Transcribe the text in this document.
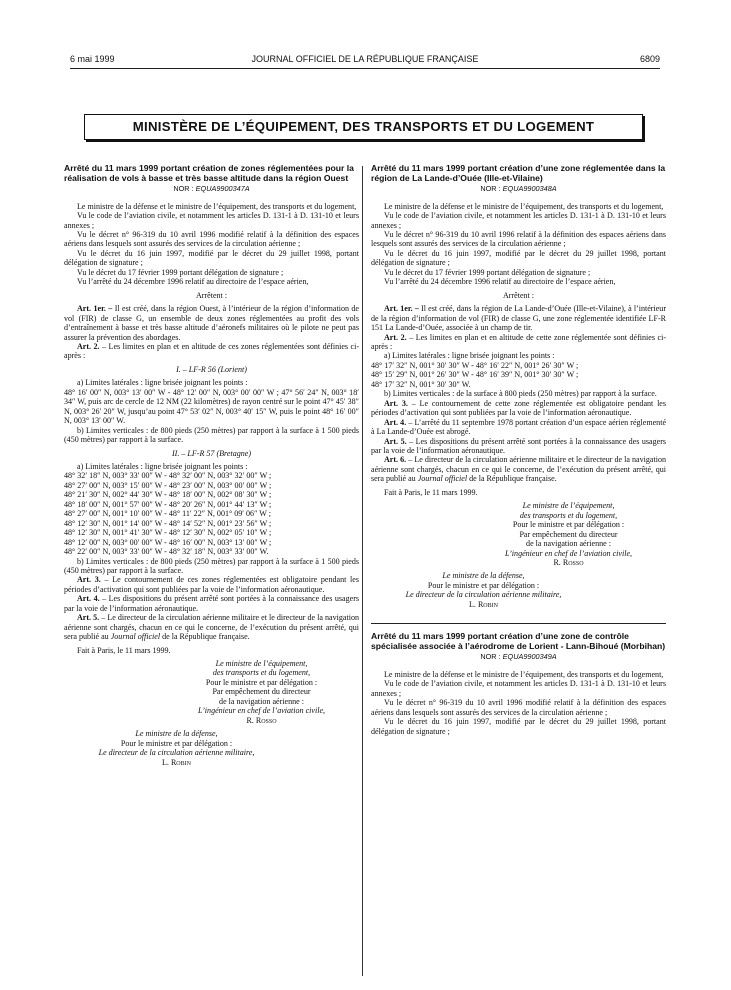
6 mai 1999	JOURNAL OFFICIEL DE LA RÉPUBLIQUE FRANÇAISE	6809
MINISTÈRE DE L’ÉQUIPEMENT, DES TRANSPORTS ET DU LOGEMENT
Arrêté du 11 mars 1999 portant création de zones réglementées pour la réalisation de vols à basse et très basse altitude dans la région Ouest
NOR : EQUA9900347A

Le ministre de la défense et le ministre de l’équipement, des transports et du logement,

Vu le code de l’aviation civile, et notamment les articles D. 131-1 à D. 131-10 et leurs annexes ;

Vu le décret n° 96-319 du 10 avril 1996 modifié relatif à la définition des espaces aériens dans lesquels sont assurés des services de la circulation aérienne ;

Vu le décret du 16 juin 1997, modifié par le décret du 29 juillet 1998, portant délégation de signature ;

Vu le décret du 17 février 1999 portant délégation de signature ;

Vu l’arrêté du 24 décembre 1996 relatif au directoire de l’espace aérien,

Arrêtent :

Art. 1er. – Il est créé, dans la région Ouest, à l’intérieur de la région d’information de vol (FIR) de classe G, un ensemble de deux zones réglementées au profit des vols d’entraînement à basse et très basse altitude d’aéronefs militaires où le pilote ne peut pas assurer la prévention des abordages.

Art. 2. – Les limites en plan et en altitude de ces zones réglementées sont définies ci-après :

I. – LF-R 56 (Lorient)

a) Limites latérales : ligne brisée joignant les points :

48° 16′ 00″ N, 003° 13′ 00″ W - 48° 12′ 00″ N, 003° 00′ 00″ W ; 47° 56′ 24″ N, 003° 18′ 34″ W, puis arc de cercle de 12 NM (22 kilomètres) de rayon centré sur le point 47° 45′ 38″ N, 003° 26′ 20″ W, jusqu’au point 47° 53′ 02″ N, 003° 40′ 15″ W, puis le point 48° 16′ 00″ N, 003° 13′ 00″ W.

b) Limites verticales : de 800 pieds (250 mètres) par rapport à la surface à 1 500 pieds (450 mètres) par rapport à la surface.

II. – LF-R 57 (Bretagne)

a) Limites latérales : ligne brisée joignant les points :

48° 32′ 18″ N, 003° 33′ 00″ W - 48° 32′ 00″ N, 003° 32′ 00″ W ;

48° 27′ 00″ N, 003° 15′ 00″ W - 48° 23′ 00″ N, 003° 00′ 00″ W ;

48° 21′ 30″ N, 002° 44′ 30″ W - 48° 18′ 00″ N, 002° 08′ 30″ W ;

48° 18′ 00″ N, 001° 57′ 00″ W - 48° 20′ 26″ N, 001° 44′ 13″ W ;

48° 27′ 00″ N, 001° 10′ 00″ W - 48° 11′ 22″ N, 001° 09′ 06″ W ;

48° 12′ 30″ N, 001° 14′ 00″ W - 48° 14′ 52″ N, 001° 23′ 56″ W ;

48° 12′ 30″ N, 001° 41′ 30″ W - 48° 12′ 30″ N, 002° 05′ 10″ W ;

48° 12′ 00″ N, 003° 00′ 00″ W - 48° 16′ 00″ N, 003° 13′ 00″ W ;

48° 22′ 00″ N, 003° 33′ 00″ W - 48° 32′ 18″ N, 003° 33′ 00″ W.

b) Limites verticales : de 800 pieds (250 mètres) par rapport à la surface à 1 500 pieds (450 mètres) par rapport à la surface.

Art. 3. – Le contournement de ces zones réglementées est obligatoire pendant les périodes d’activation qui sont publiées par la voie de l’information aéronautique.

Art. 4. – Les dispositions du présent arrêté sont portées à la connaissance des usagers par la voie de l’information aéronautique.

Art. 5. – Le directeur de la circulation aérienne militaire et le directeur de la navigation aérienne sont chargés, chacun en ce qui le concerne, de l’exécution du présent arrêté, qui sera publié au Journal officiel de la République française.

Fait à Paris, le 11 mars 1999.

Le ministre de l’équipement,

des transports et du logement,

Pour le ministre et par délégation :

Par empêchement du directeur

de la navigation aérienne :

L’ingénieur en chef de l’aviation civile,

R. Rosso

Le ministre de la défense,

Pour le ministre et par délégation :

Le directeur de la circulation aérienne militaire,

L. Robin

Arrêté du 11 mars 1999 portant création d’une zone réglementée dans la région de La Lande-d’Ouée (Ille-et-Vilaine)
NOR : EQUA9900348A

Le ministre de la défense et le ministre de l’équipement, des transports et du logement,

Vu le code de l’aviation civile, et notamment les articles D. 131-1 à D. 131-10 et leurs annexes ;

Vu le décret n° 96-319 du 10 avril 1996 relatif à la définition des espaces aériens dans lesquels sont assurés des services de la circulation aérienne ;

Vu le décret du 16 juin 1997, modifié par le décret du 29 juillet 1998, portant délégation de signature ;

Vu le décret du 17 février 1999 portant délégation de signature ;

Vu l’arrêté du 24 décembre 1996 relatif au directoire de l’espace aérien,

Arrêtent :

Art. 1er. – Il est créé, dans la région de La Lande-d’Ouée (Ille-et-Vilaine), à l’intérieur de la région d’information de vol (FIR) de classe G, une zone réglementée identifiée LF-R 151 La Lande-d’Ouée, associée à un champ de tir.

Art. 2. – Les limites en plan et en altitude de cette zone réglementée sont définies ci-après :

a) Limites latérales : ligne brisée joignant les points :

48° 17′ 32″ N, 001° 30′ 30″ W - 48° 16′ 22″ N, 001° 26′ 30″ W ;

48° 15′ 29″ N, 001° 26′ 30″ W - 48° 16′ 39″ N, 001° 30′ 30″ W ;

48° 17′ 32″ N, 001° 30′ 30″ W.

b) Limites verticales : de la surface à 800 pieds (250 mètres) par rapport à la surface.

Art. 3. – Le contournement de cette zone réglementée est obligatoire pendant les périodes d’activation qui sont publiées par la voie de l’information aéronautique.

Art. 4. – L’arrêté du 11 septembre 1978 portant création d’un espace aérien réglementé à La Lande-d’Ouée est abrogé.

Art. 5. – Les dispositions du présent arrêté sont portées à la connaissance des usagers par la voie de l’information aéronautique.

Art. 6. – Le directeur de la circulation aérienne militaire et le directeur de la navigation aérienne sont chargés, chacun en ce qui le concerne, de l’exécution du présent arrêté, qui sera publié au Journal officiel de la République française.

Fait à Paris, le 11 mars 1999.

Le ministre de l’équipement,

des transports et du logement,

Pour le ministre et par délégation :

Par empêchement du directeur

de la navigation aérienne :

L’ingénieur en chef de l’aviation civile,

R. Rosso

Le ministre de la défense,

Pour le ministre et par délégation :

Le directeur de la circulation aérienne militaire,

L. Robin

Arrêté du 11 mars 1999 portant création d’une zone de contrôle spécialisée associée à l’aérodrome de Lorient - Lann-Bihoué (Morbihan)
NOR : EQUA9900349A

Le ministre de la défense et le ministre de l’équipement, des transports et du logement,

Vu le code de l’aviation civile, et notamment les articles D. 131-1 à D. 131-10 et leurs annexes ;

Vu le décret n° 96-319 du 10 avril 1996 modifié relatif à la définition des espaces aériens dans lesquels sont assurés des services de la circulation aérienne ;

Vu le décret du 16 juin 1997, modifié par le décret du 29 juillet 1998, portant délégation de signature ;
